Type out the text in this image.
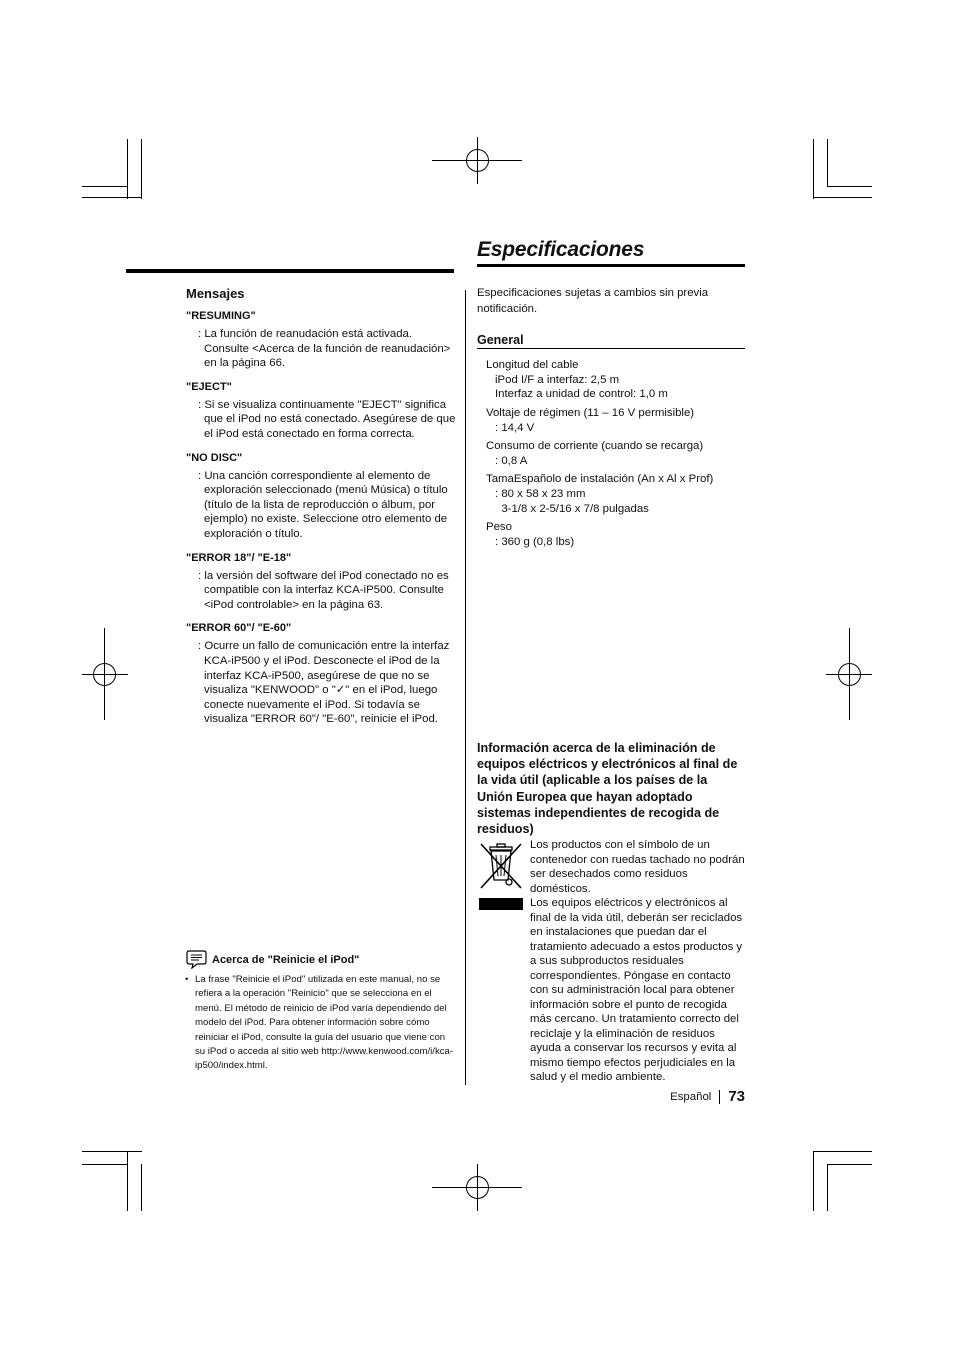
Mensajes
"RESUMING"
: La función de reanudación está activada. Consulte <Acerca de la función de reanudación> en la página 66.
"EJECT"
: Si se visualiza continuamente "EJECT" significa que el iPod no está conectado. Asegúrese de que el iPod está conectado en forma correcta.
"NO DISC"
: Una canción correspondiente al elemento de exploración seleccionado (menú Música) o título (título de la lista de reproducción o álbum, por ejemplo) no existe. Seleccione otro elemento de exploración o título.
"ERROR 18"/ "E-18"
: la versión del software del iPod conectado no es compatible con la interfaz KCA-iP500. Consulte <iPod controlable> en la página 63.
"ERROR 60"/ "E-60"
: Ocurre un fallo de comunicación entre la interfaz KCA-iP500 y el iPod. Desconecte el iPod de la interfaz KCA-iP500, asegúrese de que no se visualiza "KENWOOD" o "✓" en el iPod, luego conecte nuevamente el iPod. Si todavía se visualiza "ERROR 60"/ "E-60", reinicie el iPod.
Acerca de "Reinicie el iPod"
• La frase "Reinicie el iPod" utilizada en este manual, no se refiera a la operación "Reinicio" que se selecciona en el menú. El método de reinicio de iPod varía dependiendo del modelo del iPod. Para obtener información sobre cómo reiniciar el iPod, consulte la guía del usuario que viene con su iPod o acceda al sitio web http://www.kenwood.com/i/kca-ip500/index.html.
Especificaciones

Especificaciones sujetas a cambios sin previa notificación.

General
Longitud del cable
iPod I/F a interfaz: 2,5 m
Interfaz a unidad de control: 1,0 m
Voltaje de régimen (11 – 16 V permisible)
: 14,4 V
Consumo de corriente (cuando se recarga)
: 0,8 A
TamaEspañolo de instalación (An x Al x Prof)
: 80 x 58 x 23 mm
3-1/8 x 2-5/16 x 7/8 pulgadas
Peso
: 360 g (0,8 lbs)
Información acerca de la eliminación de equipos eléctricos y electrónicos al final de la vida útil (aplicable a los países de la Unión Europea que hayan adoptado sistemas independientes de recogida de residuos)
Los productos con el símbolo de un contenedor con ruedas tachado no podrán ser desechados como residuos domésticos.
Los equipos eléctricos y electrónicos al final de la vida útil, deberán ser reciclados en instalaciones que puedan dar el tratamiento adecuado a estos productos y a sus subproductos residuales correspondientes. Póngase en contacto con su administración local para obtener información sobre el punto de recogida más cercano. Un tratamiento correcto del reciclaje y la eliminación de residuos ayuda a conservar los recursos y evita al mismo tiempo efectos perjudiciales en la salud y el medio ambiente.
Español 73
